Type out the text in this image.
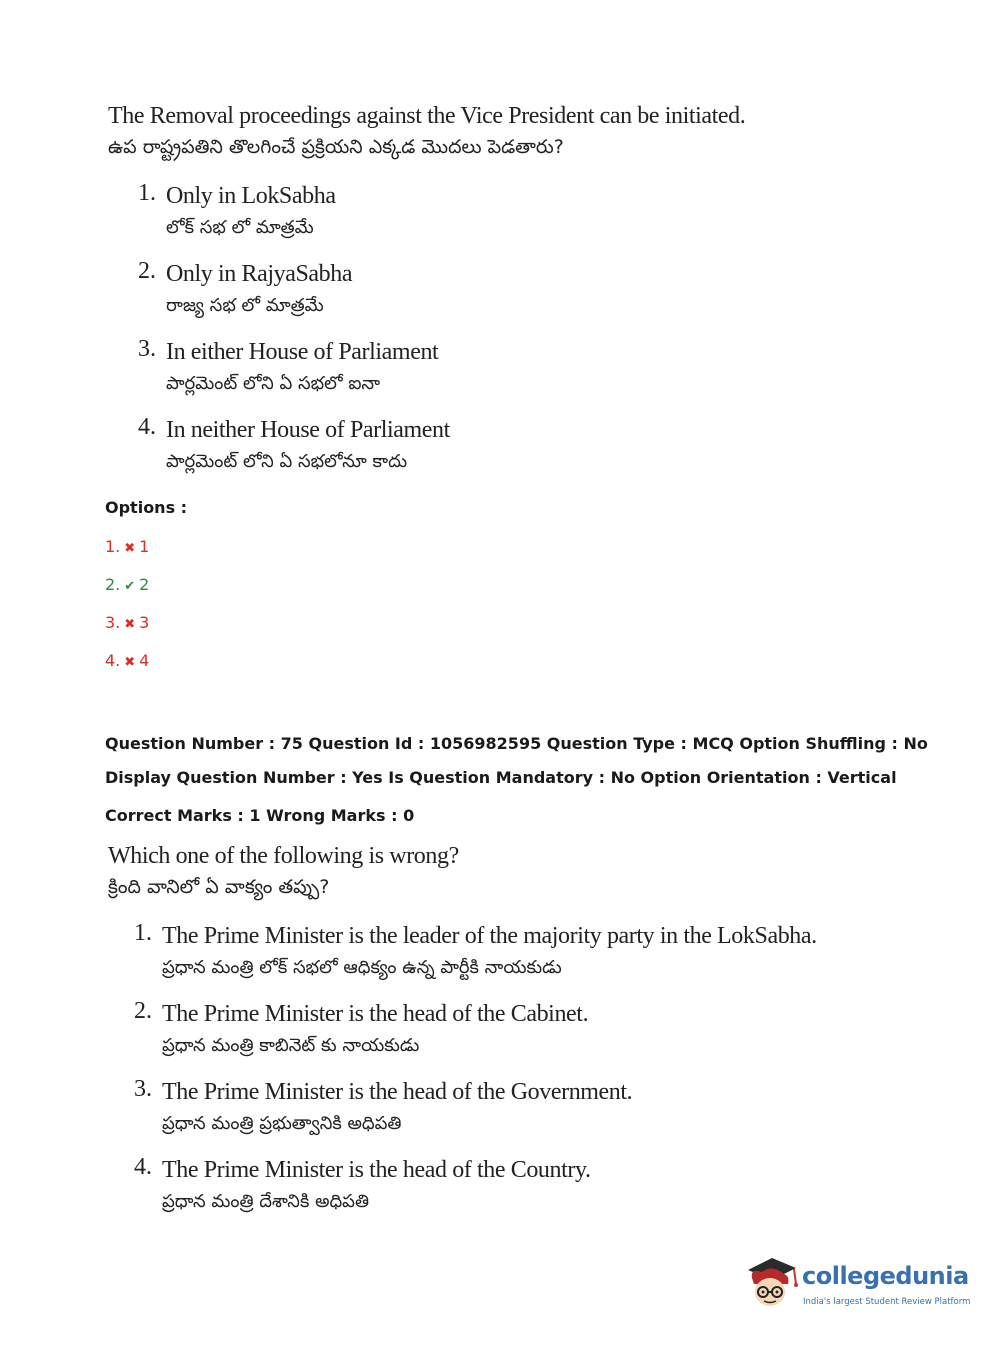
The Removal proceedings against the Vice President can be initiated.
ఉప రాష్ట్రపతిని తొలగించే ప్రక్రియని ఎక్కడ మొదలు పెడతారు?
1. Only in LokSabha
లోక్ సభ లో మాత్రమే
2. Only in RajyaSabha
రాజ్య సభ లో మాత్రమే
3. In either House of Parliament
పార్లమెంట్ లోని ఏ సభలో ఐనా
4. In neither House of Parliament
పార్లమెంట్ లోని ఏ సభలోనూ కాదు
Options :
1. ✖ 1
2. ✔ 2
3. ✖ 3
4. ✖ 4
Question Number : 75 Question Id : 1056982595 Question Type : MCQ Option Shuffling : No
Display Question Number : Yes Is Question Mandatory : No Option Orientation : Vertical
Correct Marks : 1 Wrong Marks : 0
Which one of the following is wrong?
క్రింది వానిలో ఏ వాక్యం తప్పు?
1. The Prime Minister is the leader of the majority party in the LokSabha.
ప్రధాన మంత్రి లోక్ సభలో ఆధిక్యం ఉన్న పార్టీకి నాయకుడు
2. The Prime Minister is the head of the Cabinet.
ప్రధాన మంత్రి కాబినెట్ కు నాయకుడు
3. The Prime Minister is the head of the Government.
ప్రధాన మంత్రి ప్రభుత్వానికి అధిపతి
4. The Prime Minister is the head of the Country.
ప్రధాన మంత్రి దేశానికి అధిపతి
collegedunia
India's largest Student Review Platform
